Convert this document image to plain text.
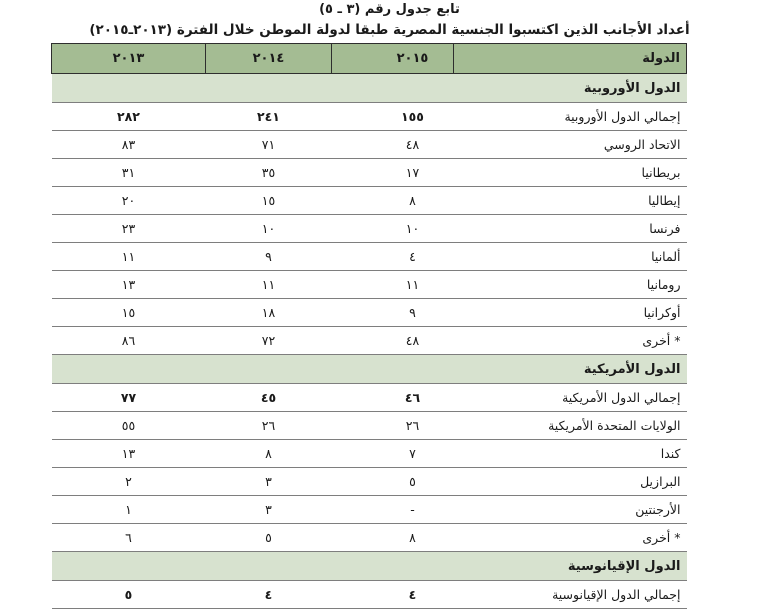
تابع جدول رقم (٣ ـ ٥)
أعداد الأجانب الذين اكتسبوا الجنسية المصرية طبقا لدولة الموطن خلال الفترة (٢٠١٣ـ٢٠١٥)
الدولة	٢٠١٥	٢٠١٤	٢٠١٣
الدول الأوروبية			
إجمالي الدول الأوروبية	١٥٥	٢٤١	٢٨٢
الاتحاد الروسي	٤٨	٧١	٨٣
بريطانيا	١٧	٣٥	٣١
إيطاليا	٨	١٥	٢٠
فرنسا	١٠	١٠	٢٣
ألمانيا	٤	٩	١١
رومانيا	١١	١١	١٣
أوكرانيا	٩	١٨	١٥
* أخرى	٤٨	٧٢	٨٦
الدول الأمريكية			
إجمالي الدول الأمريكية	٤٦	٤٥	٧٧
الولايات المتحدة الأمريكية	٢٦	٢٦	٥٥
كندا	٧	٨	١٣
البرازيل	٥	٣	٢
الأرجنتين	-	٣	١
* أخرى	٨	٥	٦
الدول الإقيانوسية			
إجمالي الدول الإقيانوسية	٤	٤	٥
